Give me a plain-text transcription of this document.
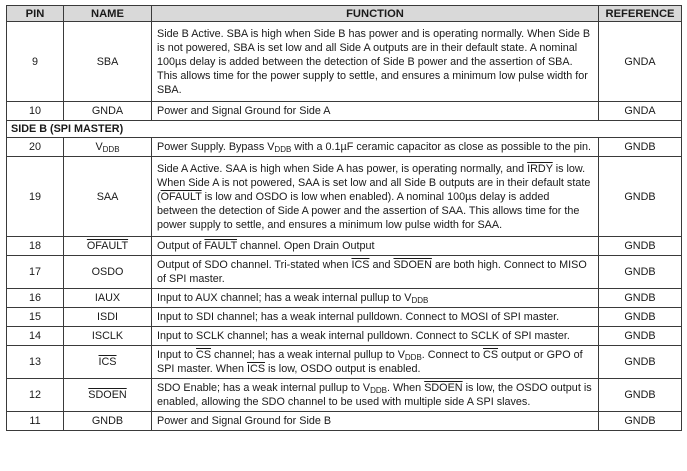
PIN	NAME	FUNCTION	REFERENCE
9	SBA	Side B Active. SBA is high when Side B has power and is operating normally. When Side B is not powered, SBA is set low and all Side A outputs are in their default state. A nominal 100µs delay is added between the detection of Side B power and the assertion of SBA. This allows time for the power supply to settle, and ensures a minimum low pulse width for SBA.	GNDA
10	GNDA	Power and Signal Ground for Side A	GNDA
SIDE B (SPI MASTER)			
20	$V_{DDB}$	Power Supply. Bypass $V_{DDB}$ with a 0.1µF ceramic capacitor as close as possible to the pin.	GNDB
19	SAA	Side A Active. SAA is high when Side A has power, is operating normally, and IRDY is low. When Side A is not powered, SAA is set low and all Side B outputs are in their default state (OFAULT is low and OSDO is low when enabled). A nominal 100µs delay is added between the detection of Side A power and the assertion of SAA. This allows time for the power supply to settle, and ensures a minimum low pulse width for SAA.	GNDB
18	OFAULT	Output of FAULT channel. Open Drain Output	GNDB
17	OSDO	Output of SDO channel. Tri-stated when $\overline{ICS}$ and SDOEN are both high. Connect to MISO of SPI master.	GNDB
16	IAUX	Input to AUX channel; has a weak internal pullup to $V_{DDB}$	GNDB
15	ISDI	Input to SDI channel; has a weak internal pulldown. Connect to MOSI of SPI master.	GNDB
14	ISCLK	Input to SCLK channel; has a weak internal pulldown. Connect to SCLK of SPI master.	GNDB
13	$\overline{ICS}$	Input to $\overline{CS}$ channel; has a weak internal pullup to $V_{DDB}$. Connect to $\overline{CS}$ output or GPO of SPI master. When $\overline{ICS}$ is low, OSDO output is enabled.	GNDB
12	SDOEN	SDO Enable; has a weak internal pullup to $V_{DDB}$. When SDOEN is low, the OSDO output is enabled, allowing the SDO channel to be used with multiple side A SPI slaves.	GNDB
11	GNDB	Power and Signal Ground for Side B	GNDB
